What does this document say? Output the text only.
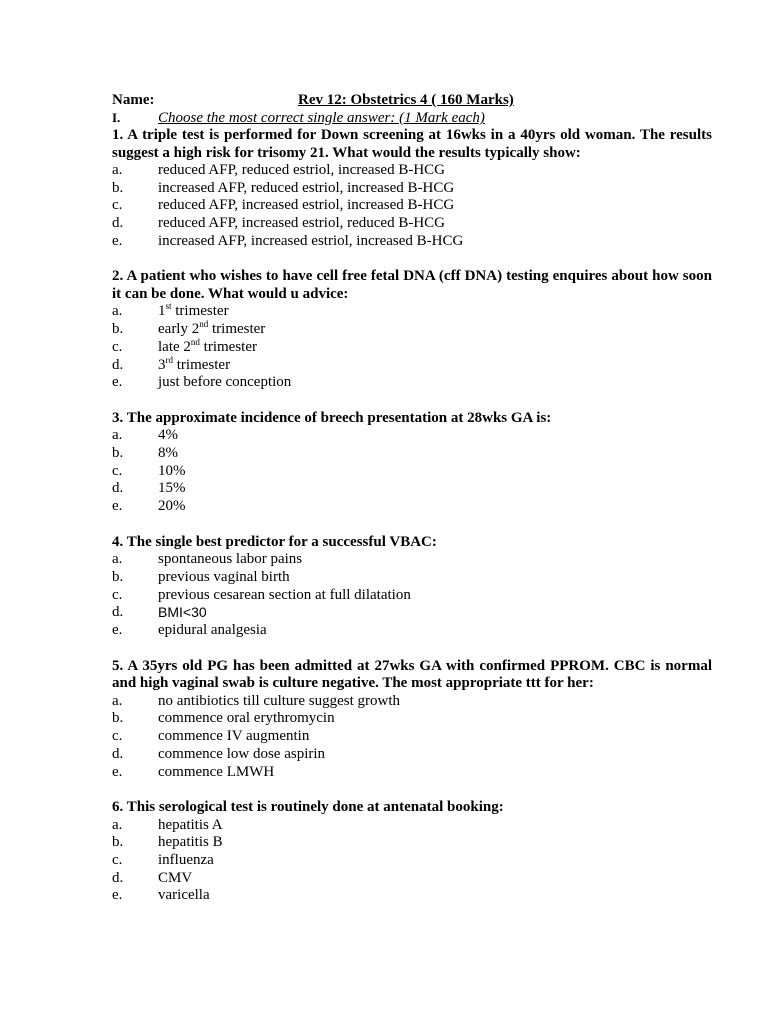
Name:	Rev 12: Obstetrics 4 ( 160 Marks)
I.	Choose the most correct single answer: (1 Mark each)
1. A triple test is performed for Down screening at 16wks in a 40yrs old woman. The results suggest a high risk for trisomy 21. What would the results typically show:
a. reduced AFP, reduced estriol, increased B-HCG
b. increased AFP, reduced estriol, increased B-HCG
c. reduced AFP, increased estriol, increased B-HCG
d. reduced AFP, increased estriol, reduced B-HCG
e. increased AFP, increased estriol, increased B-HCG
2. A patient who wishes to have cell free fetal DNA (cff DNA) testing enquires about how soon it can be done. What would u advice:
a. 1st trimester
b. early 2nd trimester
c. late 2nd trimester
d. 3rd trimester
e. just before conception
3. The approximate incidence of breech presentation at 28wks GA is:
a. 4%
b. 8%
c. 10%
d. 15%
e. 20%
4. The single best predictor for a successful VBAC:
a. spontaneous labor pains
b. previous vaginal birth
c. previous cesarean section at full dilatation
d. BMI<30
e. epidural analgesia
5. A 35yrs old PG has been admitted at 27wks GA with confirmed PPROM. CBC is normal and high vaginal swab is culture negative. The most appropriate ttt for her:
a. no antibiotics till culture suggest growth
b. commence oral erythromycin
c. commence IV augmentin
d. commence low dose aspirin
e. commence LMWH
6. This serological test is routinely done at antenatal booking:
a. hepatitis A
b. hepatitis B
c. influenza
d. CMV
e. varicella
